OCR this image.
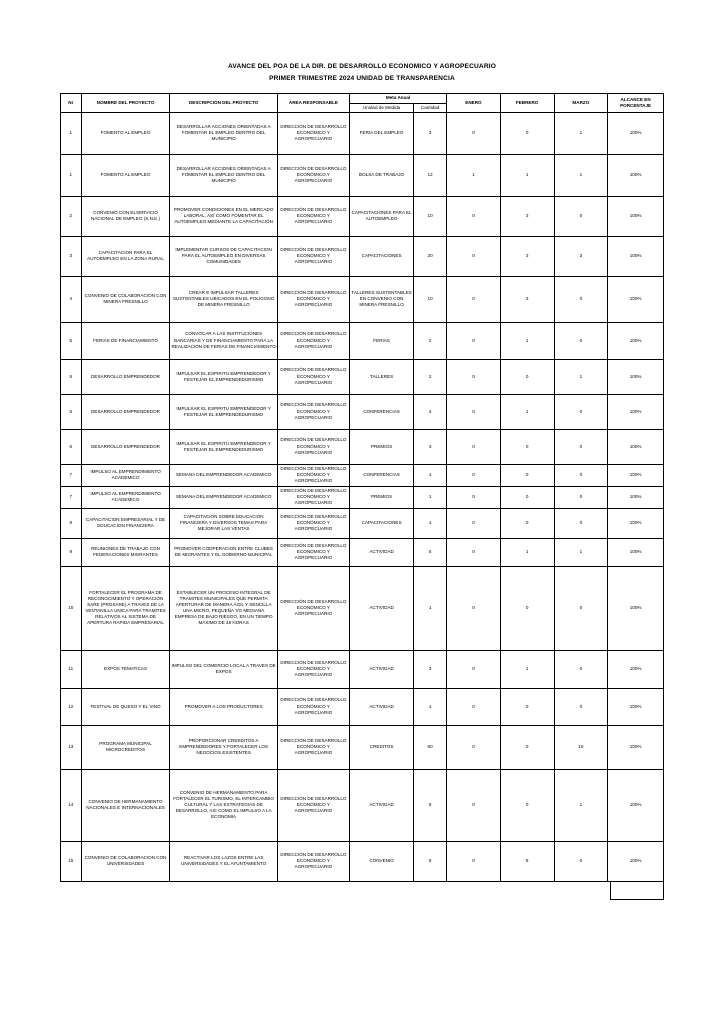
AVANCE DEL POA DE LA DIR. DE DESARROLLO ECONOMICO Y AGROPECUARIO
PRIMER TRIMESTRE 2024 UNIDAD DE TRANSPARENCIA
Nr	NOMBRE DEL PROYECTO	DESCRIPCIÓN DEL PROYECTO	ÁREA RESPONSABLE	Meta Anual		ENERO	FEBRERO	MARZO	ALCANCE EN PORCENTAJE
				Unidad de Medida	Cantidad				
1	FOMENTO AL EMPLEO	DESARROLLAR ACCIONES ORIENTADAS A FOMENTAR EL EMPLEO DENTRO DEL MUNICIPIO	DIRECCIÓN DE DESARROLLO ECONÓMICO Y AGROPECUARIO	FERIA DEL EMPLEO	3	0	0	1	100%
1	FOMENTO AL EMPLEO	DESARROLLAR ACCIONES ORIENTADAS A FOMENTAR EL EMPLEO DENTRO DEL MUNICIPIO	DIRECCIÓN DE DESARROLLO ECONÓMICO Y AGROPECUARIO	BOLSA DE TRABAJO	12	1	1	1	100%
2	CONVENIO CON ELSERVICIO NACIONAL DE EMPLEO (S.N.E.)	PROMOVER CONDICIONES EN EL MERCADO LABORAL, ASÍ COMO FOMENTAR EL AUTOEMPLEO MEDIANTE LA CAPACITACIÓN	DIRECCIÓN DE DESARROLLO ECONÓMICO Y AGROPECUARIO	CAPACITACIONES PARA EL AUTOEMPLEO	10	0	3	0	100%
3	CAPACITACION PARA EL AUTOEMPLEO EN LA ZONA RURAL	IMPLEMENTAR CURSOS DE CAPACITACION PARA EL AUTOEMPLEO EN DIVERSAS COMUNIDADES	DIRECCIÓN DE DESARROLLO ECONÓMICO Y AGROPECUARIO	CAPACITACIONES	20	0	3	3	100%
4	CONVENIO DE COLABORACION CON MINERA FRESNILLO	CREAR E IMPULSAR TALLERES SUSTENTABLES UBICADOS EN EL POLIGONO DE MINERA FRESNILLO	DIRECCIÓN DE DESARROLLO ECONÓMICO Y AGROPECUARIO	TALLERES SUSTENTABLES EN CONVENIO CON MINERA FRESNILLO	10	0	3	0	100%
5	FERIAS DE FINANCIAMIENTO	CONVOCAR A LAS INSTITUCIONES BANCARIAS Y DE FINANCIAMIENTO PARA LA REALIZACIÓN DE FERIAS DE FINANCIAMIENTO	DIRECCIÓN DE DESARROLLO ECONÓMICO Y AGROPECUARIO	FERIAS	2	0	1	0	100%
6	DESARROLLO EMPRENDEDOR	IMPULSAR EL ESPIRITU EMPRENDEDOR Y FESTEJAR EL EMPRENDEDURISMO	DIRECCIÓN DE DESARROLLO ECONÓMICO Y AGROPECUARIO	TALLERES	2	0	0	1	100%
6	DESARROLLO EMPRENDEDOR	IMPULSAR EL ESPIRITU EMPRENDEDOR Y FESTEJAR EL EMPRENDEDURISMO	DIRECCIÓN DE DESARROLLO ECONÓMICO Y AGROPECUARIO	CONFERENCIAS	4	0	1	0	100%
6	DESARROLLO EMPRENDEDOR	IMPULSAR EL ESPIRITU EMPRENDEDOR Y FESTEJAR EL EMPRENDEDURISMO	DIRECCIÓN DE DESARROLLO ECONÓMICO Y AGROPECUARIO	PREMIOS	3	0	0	0	100%
7	IMPULSO AL EMPRENDIMIENTO ACADEMICO	SEMANA DEL EMPRENDEDOR ACADEMICO	DIRECCIÓN DE DESARROLLO ECONÓMICO Y AGROPECUARIO	CONFERENCIAS	1	0	0	0	100%
7	IMPULSO AL EMPRENDIMIENTO ACADEMICO	SEMANA DEL EMPRENDEDOR ACADEMICO	DIRECCIÓN DE DESARROLLO ECONÓMICO Y AGROPECUARIO	PREMIOS	1	0	0	0	100%
8	CAPACITACION EMPRESARIAL Y DE EDUCACION FINANCIERA	CAPACITACION SOBRE EDUCACION FINANCIERA Y DIVERSOS TEMAS PARA MEJORAR LAS VENTAS	DIRECCIÓN DE DESARROLLO ECONÓMICO Y AGROPECUARIO	CAPACITACIONES	1	0	0	0	100%
9	REUNIONES DE TRABAJO CON FEDERACIONES MIGRANTES	PROMOVER CODPERACION ENTRE CLUBES DE MIGRANTES Y EL GOBIERNO MUNICIPAL	DIRECCIÓN DE DESARROLLO ECONÓMICO Y AGROPECUARIO	ACTIVIDAD	5	0	1	1	100%
10	FORTALECER EL PROGRAMA DE RECONOCIMIENTO Y OPERACIÓN SARE (PROSARE) A TRAVES DE LA VENTANILLA UNICA PARA TRAMITES RELATIVOS AL SISTEMA DE APERTURA RAPIDA EMPRESARIAL	ESTABLECER UN PROCESO INTEGRAL DE TRAMITES MUNICIPALES QUE PERMITA APERTURAR DE MANERA ÁGIL Y SENCILLA UNA MICRO, PEQUEÑA 'I/O MEDIANA EMPRESA DE BAJO RIESGO, EN UN TIEMPO MÁXIMO DE 48 HORAS	DIRECCIÓN DE DESARROLLO ECONÓMICO Y AGROPECUARIO	ACTIVIDAD	1	0	0	0	100%
11	EXPOS TEMATICAS	IMPULSO DEL COMERCIO LOCAL A TRAVES DE EXPOS	DIRECCIÓN DE DESARROLLO ECONÓMICO Y AGROPECUARIO	ACTIVIDAD	3	0	1	0	100%
12	FESTIVAL DE QUESO Y EL VINO	PROMOVER A LOS PRODUCTORES	DIRECCIÓN DE DESARROLLO ECONÓMICO Y AGROPECUARIO	ACTIVIDAD	1	0	0	0	100%
13	PROGRAMA MUNICIPAL MICROCREDITOS	PROPORCIONAR CREEDITOS A EMPRENDEDORES Y FORTALECER LOS NEGOCIOS EXISTENTES	DIRECCIÓN DE DESARROLLO ECONÓMICO Y AGROPECUARIO	CREDITOS	60	0	0	10	100%
14	CONVENIO DE HERMANAMIENTO NACIONALES E INTERNACIONALES	CONVENIO DE HERMANAMIENTO PARA FORTALECER EL TURISMO, EL INTERCAMBIO CULTURAL Y LAS ESTRATEGIAS DE DESARROLLO, ASI COMO EL IMPULSO A LA ECONOMIA	DIRECCIÓN DE DESARROLLO ECONÓMICO Y AGROPECUARIO	ACTIVIDAD	5	0	0	1	100%
15	CONVENIO DE COLABORACION CON UNIVERSIDADES	REACTIVAR LOS LAZOS ENTRE LAS UNIVERSIDADES Y EL AYUNTAMIENTO	DIRECCIÓN DE DESARROLLO ECONÓMICO Y AGROPECUARIO	CONVENIO	5	0	5	0	100%
